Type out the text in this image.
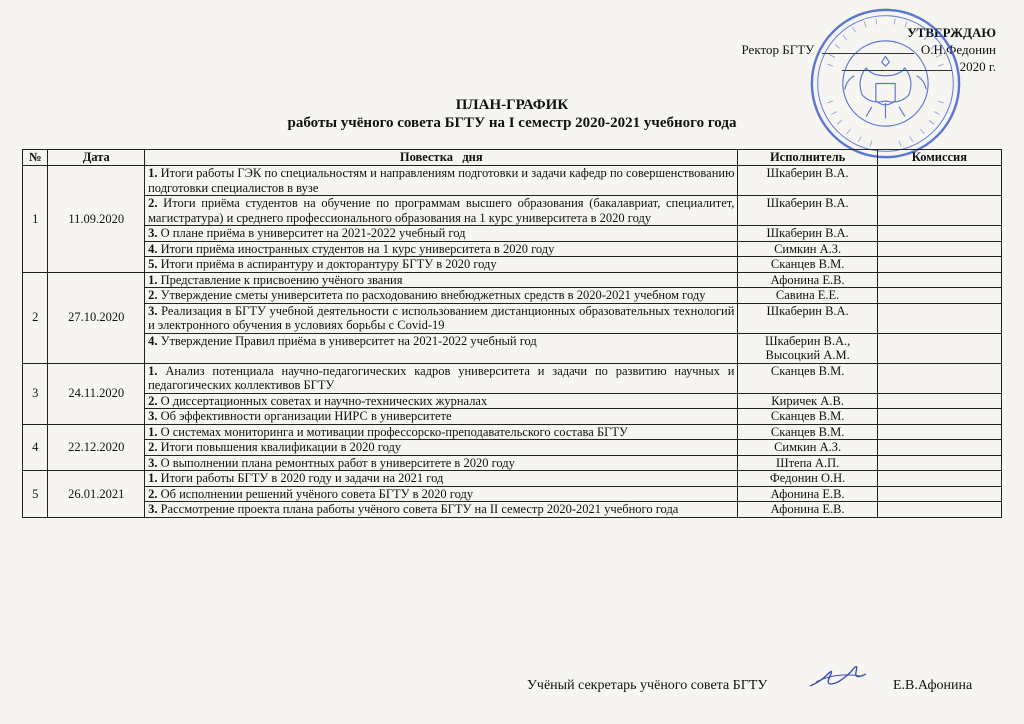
УТВЕРЖДАЮ
Ректор БГТУ	О.Н.Федонин
2020 г.
ПЛАН-ГРАФИК
работы учёного совета БГТУ на I семестр 2020-2021 учебного года
№	Дата	Повестка   дня	Исполнитель	Комиссия
1	11.09.2020	1. Итоги работы ГЭК по специальностям и направлениям подготовки и задачи кафедр по совершенствованию подготовки специалистов в вузе	Шкаберин В.А.	
		2. Итоги приёма студентов на обучение по программам высшего образования (бакалавриат, специалитет, магистратура) и среднего профессионального образования на 1 курс университета в 2020 году	Шкаберин В.А.	
		3. О плане приёма в университет на 2021-2022 учебный год	Шкаберин В.А.	
		4. Итоги приёма иностранных студентов на 1 курс университета в 2020 году	Симкин А.З.	
		5. Итоги приёма в аспирантуру и докторантуру БГТУ в 2020 году	Сканцев В.М.	
2	27.10.2020	1. Представление к присвоению учёного звания	Афонина Е.В.	
		2. Утверждение сметы университета по расходованию внебюджетных средств в 2020-2021 учебном году	Савина Е.Е.	
		3. Реализация в БГТУ учебной деятельности с использованием дистанционных образовательных технологий и электронного обучения в условиях борьбы с Covid-19	Шкаберин В.А.	
		4. Утверждение Правил приёма в университет на 2021-2022 учебный год	Шкаберин В.А., Высоцкий А.М.	
3	24.11.2020	1. Анализ потенциала научно-педагогических кадров университета и задачи по развитию научных и педагогических коллективов БГТУ	Сканцев В.М.	
		2. О диссертационных советах и научно-технических журналах	Киричек А.В.	
		3. Об эффективности организации НИРС в университете	Сканцев В.М.	
4	22.12.2020	1. О системах мониторинга и мотивации профессорско-преподавательского состава БГТУ	Сканцев В.М.	
		2. Итоги повышения квалификации в 2020 году	Симкин А.З.	
		3. О выполнении плана ремонтных работ в университете в 2020 году	Штепа А.П.	
5	26.01.2021	1. Итоги работы БГТУ в 2020 году и задачи на 2021 год	Федонин О.Н.	
		2. Об исполнении решений учёного совета БГТУ в 2020 году	Афонина Е.В.	
		3. Рассмотрение проекта плана работы учёного совета БГТУ на II семестр 2020-2021 учебного года	Афонина Е.В.	
Учёный секретарь учёного совета БГТУ	Е.В.Афонина
